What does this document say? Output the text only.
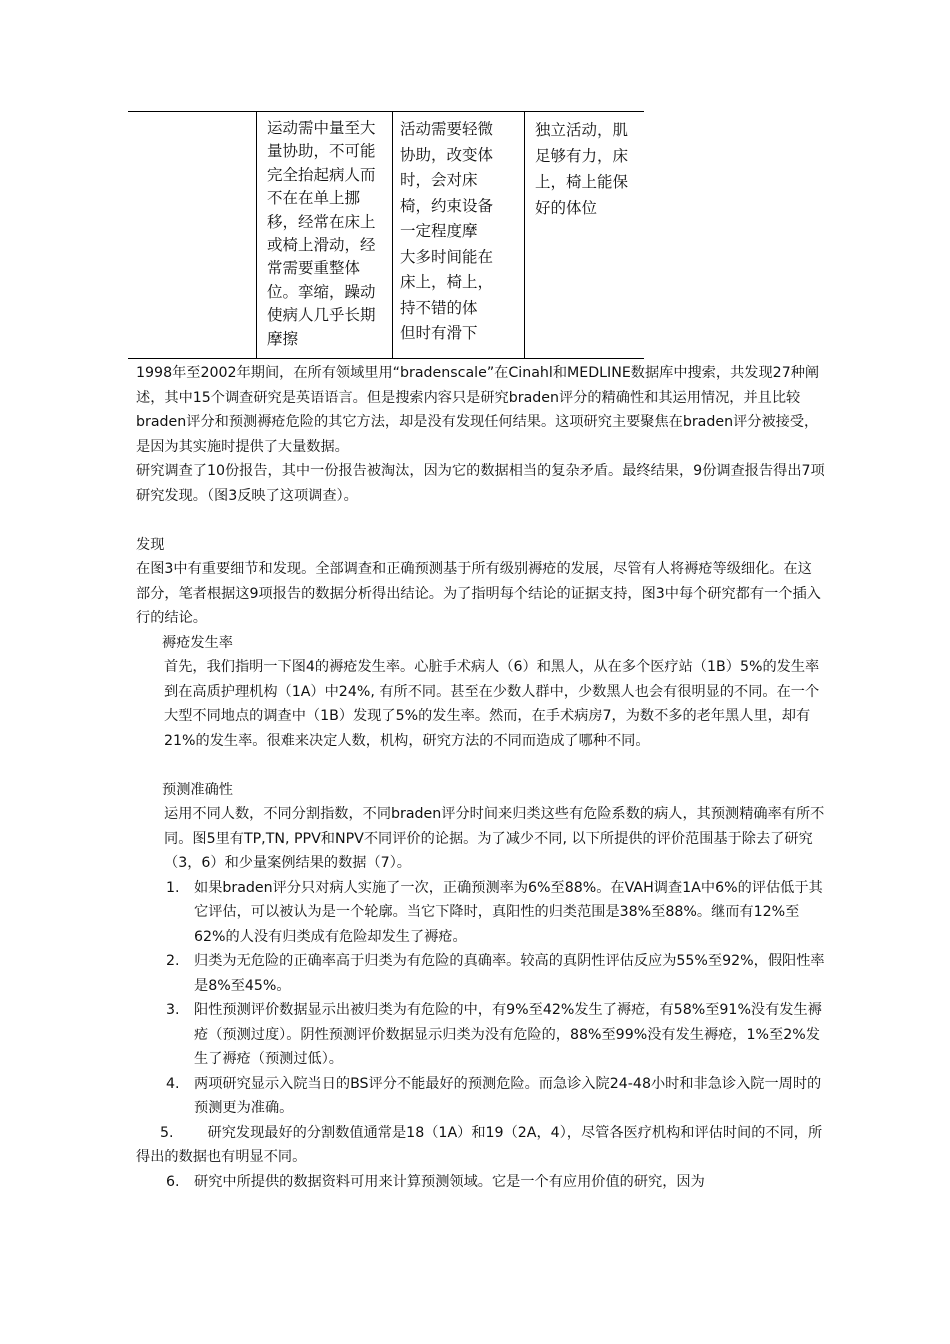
运动需中量至大
量协助，不可能
完全抬起病人而
不在在单上挪
移，经常在床上
或椅上滑动，经
常需要重整体
位。挛缩，躁动
使病人几乎长期
摩擦
活动需要轻微
协助，改变体
时，会对床
椅，约束设备
一定程度摩
大多时间能在
床上，椅上，
持不错的体
但时有滑下
独立活动，肌
足够有力，床
上，椅上能保
好的体位

1998年至2002年期间，在所有领域里用“bradenscale”在Cinahl和MEDLINE数据库中搜索，共发现27种阐述，其中15个调查研究是英语语言。但是搜索内容只是研究braden评分的精确性和其运用情况，并且比较braden评分和预测褥疮危险的其它方法，却是没有发现任何结果。这项研究主要聚焦在braden评分被接受，是因为其实施时提供了大量数据。

研究调查了10份报告，其中一份报告被淘汰，因为它的数据相当的复杂矛盾。最终结果，9份调查报告得出7项研究发现。（图3反映了这项调查）。

发现

在图3中有重要细节和发现。全部调查和正确预测基于所有级别褥疮的发展，尽管有人将褥疮等级细化。在这部分，笔者根据这9项报告的数据分析得出结论。为了指明每个结论的证据支持，图3中每个研究都有一个插入行的结论。

褥疮发生率

首先，我们指明一下图4的褥疮发生率。心脏手术病人（6）和黑人，从在多个医疗站（1B）5%的发生率到在高质护理机构（1A）中24%, 有所不同。甚至在少数人群中，少数黑人也会有很明显的不同。在一个大型不同地点的调查中（1B）发现了5%的发生率。然而，在手术病房7，为数不多的老年黑人里，却有21%的发生率。很难来决定人数，机构，研究方法的不同而造成了哪种不同。

预测准确性

运用不同人数，不同分割指数，不同braden评分时间来归类这些有危险系数的病人，其预测精确率有所不同。图5里有TP,TN, PPV和NPV不同评价的论据。为了减少不同, 以下所提供的评价范围基于除去了研究（3，6）和少量案例结果的数据（7）。

1. 如果braden评分只对病人实施了一次，正确预测率为6%至88%。在VAH调查1A中6%的评估低于其它评估，可以被认为是一个轮廓。当它下降时，真阳性的归类范围是38%至88%。继而有12%至62%的人没有归类成有危险却发生了褥疮。
2. 归类为无危险的正确率高于归类为有危险的真确率。较高的真阴性评估反应为55%至92%，假阳性率是8%至45%。
3. 阳性预测评价数据显示出被归类为有危险的中，有9%至42%发生了褥疮，有58%至91%没有发生褥疮（预测过度）。阴性预测评价数据显示归类为没有危险的，88%至99%没有发生褥疮，1%至2%发生了褥疮（预测过低）。
4. 两项研究显示入院当日的BS评分不能最好的预测危险。而急诊入院24-48小时和非急诊入院一周时的预测更为准确。
5. 研究发现最好的分割数值通常是18（1A）和19（2A，4），尽管各医疗机构和评估时间的不同，所得出的数据也有明显不同。
6. 研究中所提供的数据资料可用来计算预测领域。它是一个有应用价值的研究，因为
